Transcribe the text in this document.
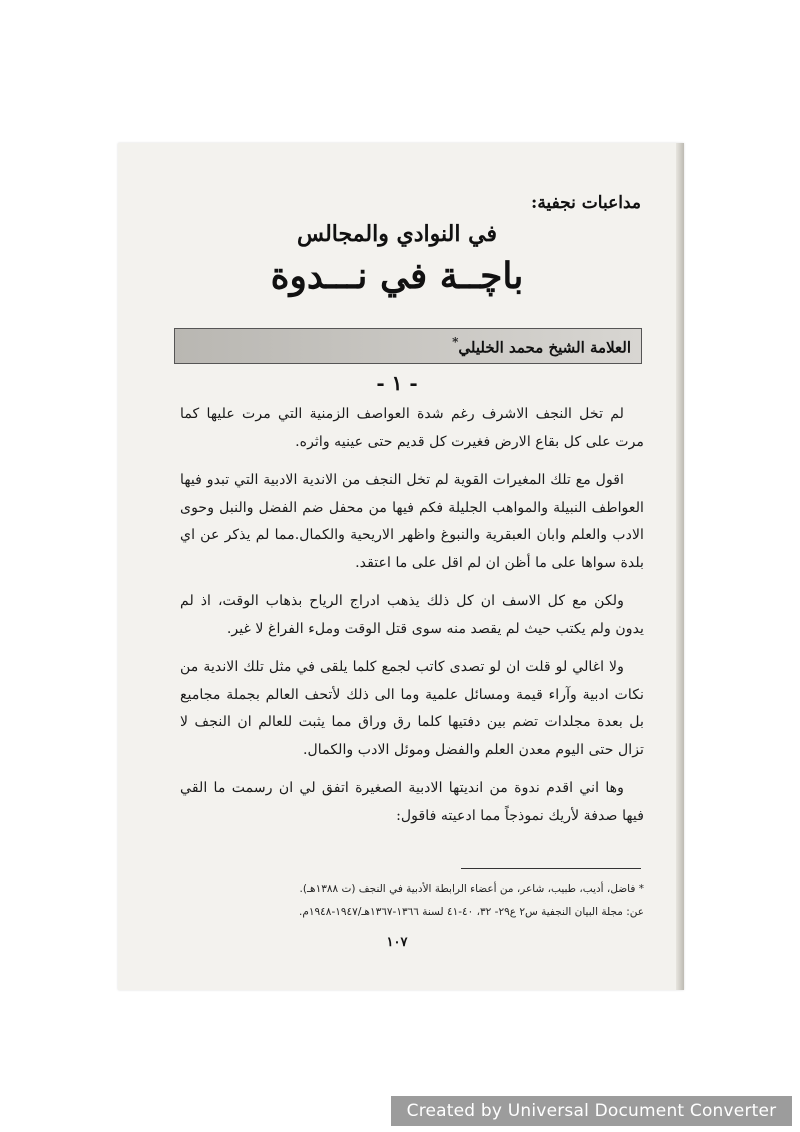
مداعبات نجفية:
في النوادي والمجالس
باچــة في نـــدوة
العلامة الشيخ محمد الخليلي*
- ١ -

لم تخل النجف الاشرف رغم شدة العواصف الزمنية التي مرت عليها كما مرت على كل بقاع الارض فغيرت كل قديم حتى عينيه واثره.

اقول مع تلك المغيرات القوية لم تخل النجف من الاندية الادبية التي تبدو فيها العواطف النبيلة والمواهب الجليلة فكم فيها من محفل ضم الفضل والنبل وحوى الادب والعلم وابان العبقرية والنبوغ واظهر الاريحية والكمال.مما لم يذكر عن اي بلدة سواها على ما أظن ان لم اقل على ما اعتقد.

ولكن مع كل الاسف ان كل ذلك يذهب ادراج الرياح بذهاب الوقت، اذ لم يدون ولم يكتب حيث لم يقصد منه سوى قتل الوقت وملء الفراغ لا غير.

ولا اغالي لو قلت ان لو تصدى كاتب لجمع كلما يلقى في مثل تلك الاندية من نكات ادبية وآراء قيمة ومسائل علمية وما الى ذلك لأتحف العالم بجملة مجاميع بل بعدة مجلدات تضم بين دفتيها كلما رق وراق مما يثبت للعالم ان النجف لا تزال حتى اليوم معدن العلم والفضل وموئل الادب والكمال.

وها اني اقدم ندوة من انديتها الادبية الصغيرة اتفق لي ان رسمت ما القي فيها صدفة لأريك نموذجاً مما ادعيته فاقول:

* فاضل، أديب، طبيب، شاعر، من أعضاء الرابطة الأدبية في النجف (ت ١٣٨٨هـ).
عن: مجلة البيان النجفية س٢ ع٢٩- ٣٢، ٤٠-٤١ لسنة ١٣٦٦-١٣٦٧هـ/١٩٤٧-١٩٤٨م.
١٠٧
Created by Universal Document Converter
